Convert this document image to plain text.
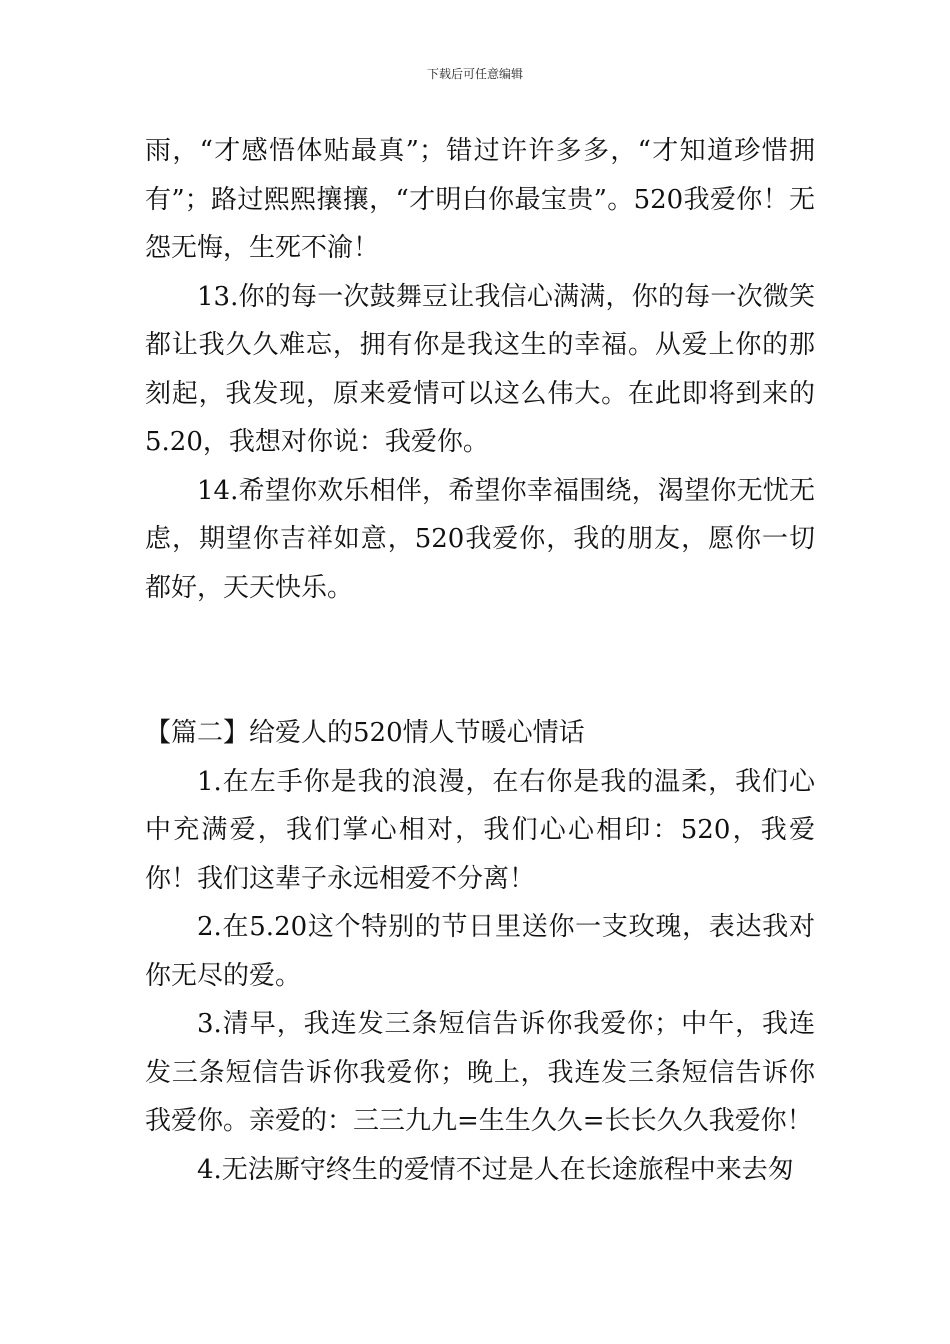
下载后可任意编辑

雨，“才感悟体贴最真”；错过许许多多，“才知道珍惜拥有”；路过熙熙攘攘，“才明白你最宝贵”。520我爱你！无怨无悔，生死不渝！

13.你的每一次鼓舞豆让我信心满满，你的每一次微笑都让我久久难忘，拥有你是我这生的幸福。从爱上你的那刻起，我发现，原来爱情可以这么伟大。在此即将到来的5.20，我想对你说：我爱你。

14.希望你欢乐相伴，希望你幸福围绕，渴望你无忧无虑，期望你吉祥如意，520我爱你，我的朋友，愿你一切都好，天天快乐。

【篇二】给爱人的520情人节暖心情话

1.在左手你是我的浪漫，在右你是我的温柔，我们心中充满爱，我们掌心相对，我们心心相印：520，我爱你！我们这辈子永远相爱不分离！

2.在5.20这个特别的节日里送你一支玫瑰，表达我对你无尽的爱。

3.清早，我连发三条短信告诉你我爱你；中午，我连发三条短信告诉你我爱你；晚上，我连发三条短信告诉你我爱你。亲爱的：三三九九=生生久久=长长久久我爱你！

4.无法厮守终生的爱情不过是人在长途旅程中来去匆
